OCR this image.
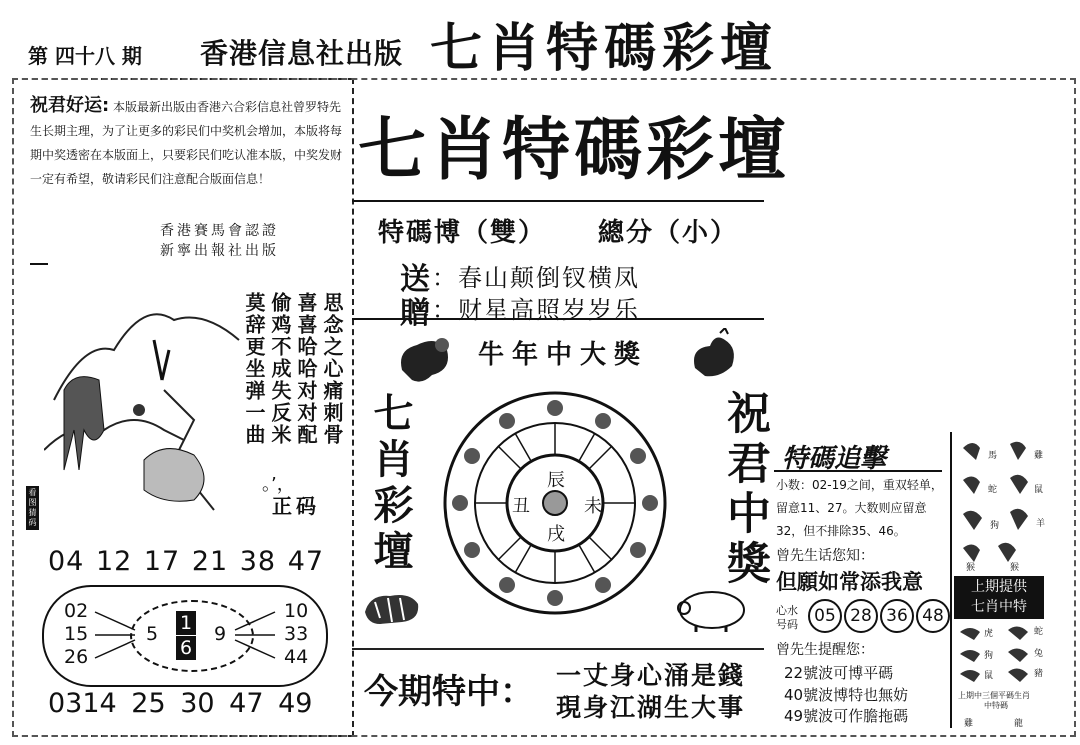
第 四十八 期 香港信息社出版 七肖特碼彩壇
祝君好运: 本版最新出版由香港六合彩信息社曾罗特先生长期主理，为了让更多的彩民们中奖机会增加，本版将每期中奖透密在本版面上，只要彩民们吃认准本版，中奖发财一定有希望，敬请彩民们注意配合版面信息！
香港賽馬會認證
新寧出報社出版
思念之心痛刺骨
喜喜哈哈对对配
偷鸡不成失反米
莫辞更坐弹一曲
。’，
正码
看图猜码
04 12 17 21 38 47
02
15
26
5 1
6
9
10
33
44
0314 25 30 47 49
七肖特碼彩壇
特碼博（雙） 總分（小）
送 ：春山颠倒钗横凤
贈 ：财星高照岁岁乐
牛年中大獎
七肖彩壇	祝君中獎
辰
未
戌
丑
今期特中： 一丈身心涌是錢
現身江湖生大事
特碼追擊
小数：02-19之间，重双轻单，留意11、27。大数则应留意32，但不排除35、46。
曾先生话您知：
但願如常添我意
心水
号码 05 28 36 48
曾先生提醒您：
22號波可博平碼
40號波博特也無妨
49號波可作膽拖碼
馬	雞
蛇	鼠
狗	羊
猴	猴
上期提供
七肖中特
虎	蛇
狗	兔
鼠	豬
上期中三個平碼生肖
中特碼
雞	龍
